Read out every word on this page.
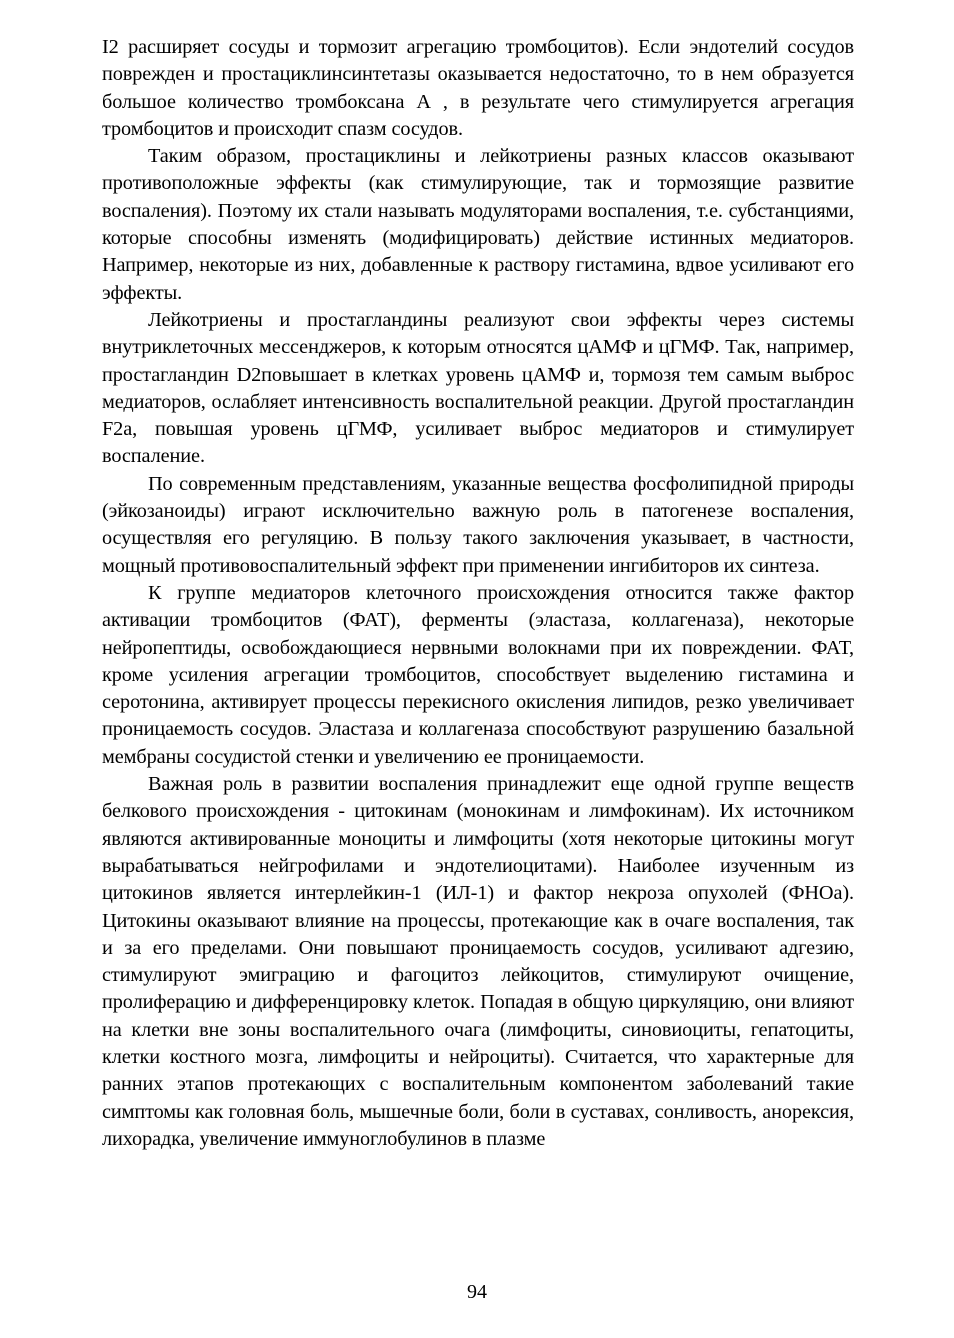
I2 расширяет сосуды и тормозит агрегацию тромбоцитов). Если эндотелий сосудов поврежден и простациклинсинтетазы оказывается недостаточно, то в нем образуется большое количество тромбоксана А , в результате чего стимулируется агрегация тромбоцитов и происходит спазм сосудов.

Таким образом, простациклины и лейкотриены разных классов оказывают противоположные эффекты (как стимулирующие, так и тормозящие развитие воспаления). Поэтому их стали называть модуляторами воспаления, т.е. субстанциями, которые способны изменять (модифицировать) действие истинных медиаторов. Например, некоторые из них, добавленные к раствору гистамина, вдвое усиливают его эффекты.

Лейкотриены и простагландины реализуют свои эффекты через системы внутриклеточных мессенджеров, к которым относятся цАМФ и цГМФ. Так, например, простагландин D2повышает в клетках уровень цАМФ и, тормозя тем самым выброс медиаторов, ослабляет интенсивность воспалительной реакции. Другой простагландин F2а, повышая уровень цГМФ, усиливает выброс медиаторов и стимулирует воспаление.

По современным представлениям, указанные вещества фосфолипидной природы (эйкозаноиды) играют исключительно важную роль в патогенезе воспаления, осуществляя его регуляцию. В пользу такого заключения указывает, в частности, мощный противовоспалительный эффект при применении ингибиторов их синтеза.

К группе медиаторов клеточного происхождения относится также фактор активации тромбоцитов (ФАТ), ферменты (эластаза, коллагеназа), некоторые нейропептиды, освобождающиеся нервными волокнами при их повреждении. ФАТ, кроме усиления агрегации тромбоцитов, способствует выделению гистамина и серотонина, активирует процессы перекисного окисления липидов, резко увеличивает проницаемость сосудов. Эластаза и коллагеназа способствуют разрушению базальной мембраны сосудистой стенки и увеличению ее проницаемости.

Важная роль в развитии воспаления принадлежит еще одной группе веществ белкового происхождения - цитокинам (монокинам и лимфокинам). Их источником являются активированные моноциты и лимфоциты (хотя некоторые цитокины могут вырабатываться нейгрофилами и эндотелиоцитами). Наиболее изученным из цитокинов является интерлейкин-1 (ИЛ-1) и фактор некроза опухолей (ФНОа). Цитокины оказывают влияние на процессы, протекающие как в очаге воспаления, так и за его пределами. Они повышают проницаемость сосудов, усиливают адгезию, стимулируют эмиграцию и фагоцитоз лейкоцитов, стимулируют очищение, пролиферацию и дифференцировку клеток. Попадая в общую циркуляцию, они влияют на клетки вне зоны воспалительного очага (лимфоциты, синовиоциты, гепатоциты, клетки костного мозга, лимфоциты и нейроциты). Считается, что характерные для ранних этапов протекающих с воспалительным компонентом заболеваний такие симптомы как головная боль, мышечные боли, боли в суставах, сонливость, анорексия, лихорадка, увеличение иммуноглобулинов в плазме

94
